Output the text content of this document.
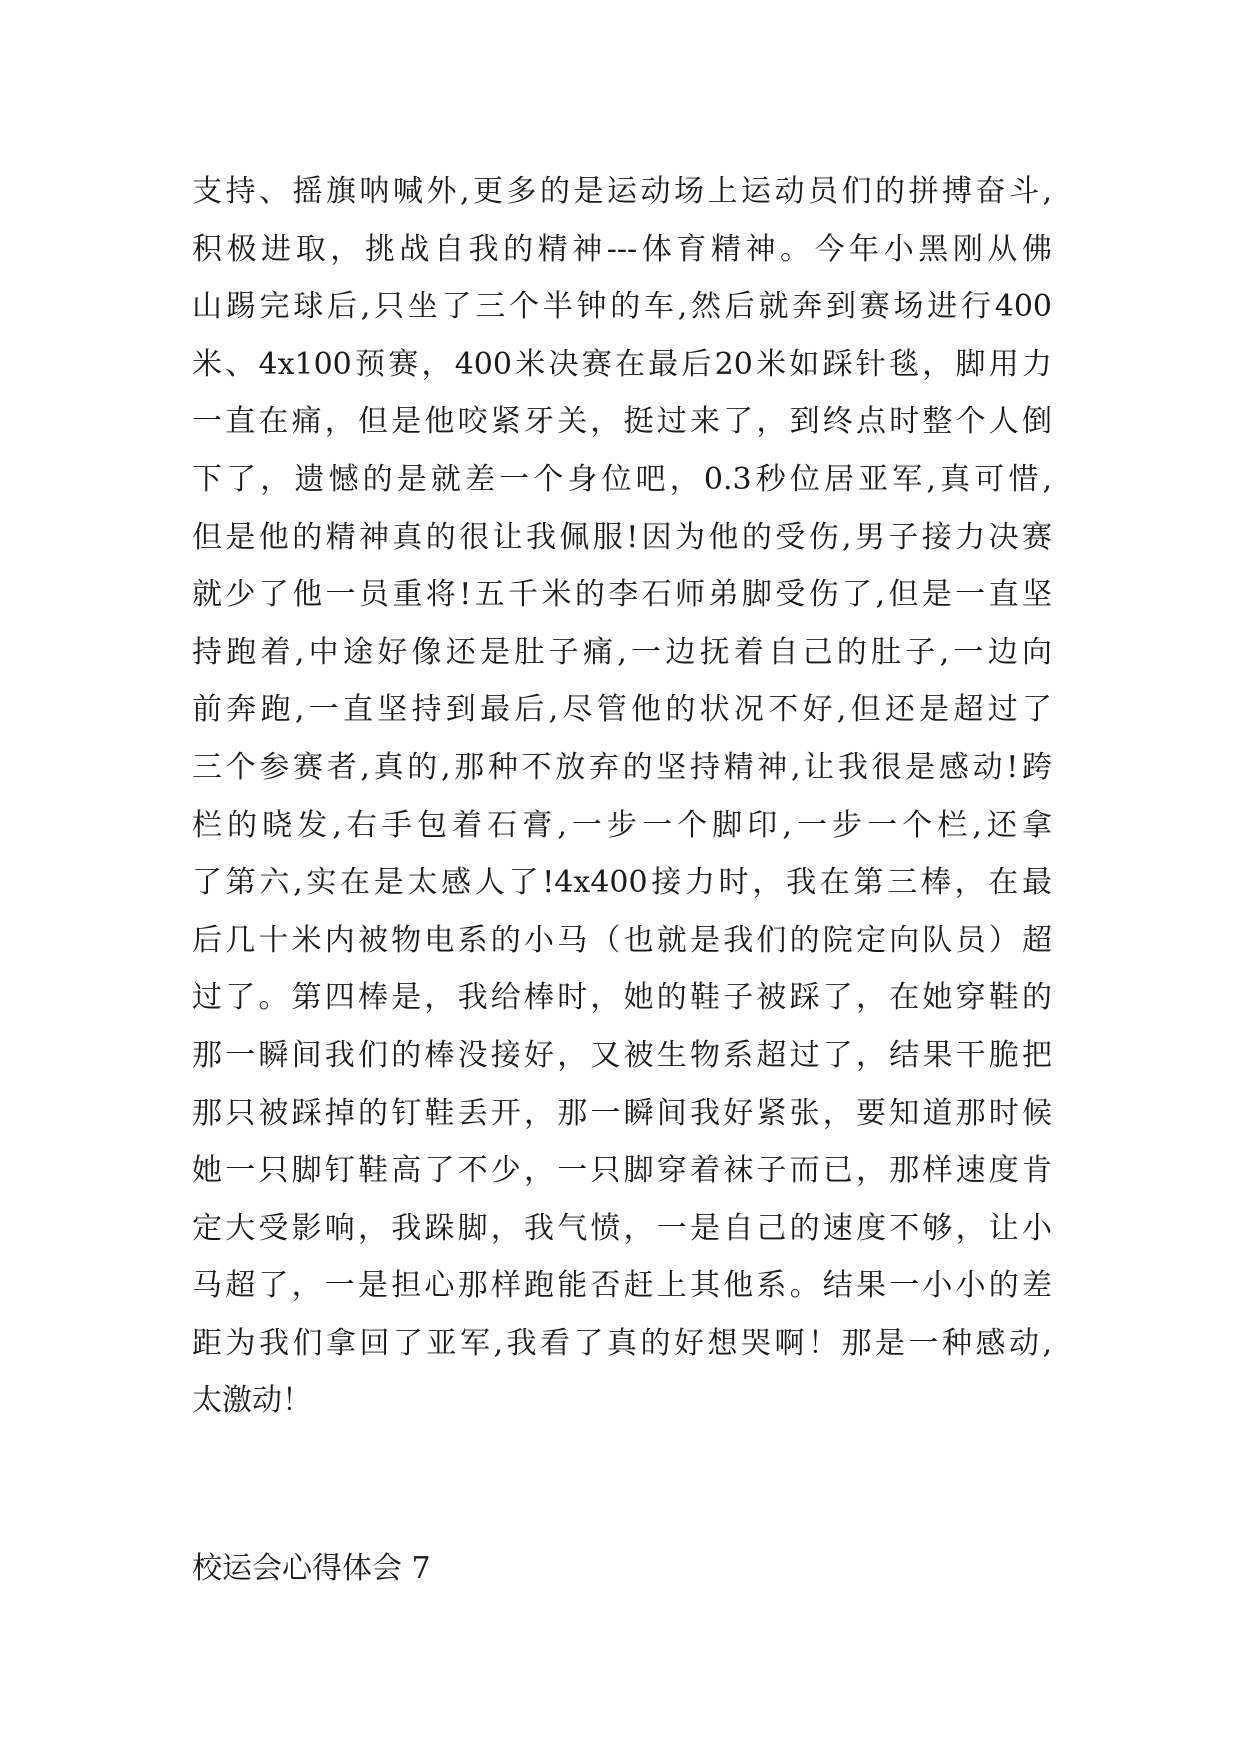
支持、摇旗呐喊外,更多的是运动场上运动员们的拼搏奋斗,
积极进取，挑战自我的精神---体育精神。今年小黑刚从佛
山踢完球后,只坐了三个半钟的车,然后就奔到赛场进行400
米、4x100预赛，400米决赛在最后20米如踩针毯，脚用力
一直在痛，但是他咬紧牙关，挺过来了，到终点时整个人倒
下了，遗憾的是就差一个身位吧，0.3秒位居亚军,真可惜,
但是他的精神真的很让我佩服!因为他的受伤,男子接力决赛
就少了他一员重将!五千米的李石师弟脚受伤了,但是一直坚
持跑着,中途好像还是肚子痛,一边抚着自己的肚子,一边向
前奔跑,一直坚持到最后,尽管他的状况不好,但还是超过了
三个参赛者,真的,那种不放弃的坚持精神,让我很是感动!跨
栏的晓发,右手包着石膏,一步一个脚印,一步一个栏,还拿
了第六,实在是太感人了!4x400接力时，我在第三棒，在最
后几十米内被物电系的小马（也就是我们的院定向队员）超
过了。第四棒是，我给棒时，她的鞋子被踩了，在她穿鞋的
那一瞬间我们的棒没接好，又被生物系超过了，结果干脆把
那只被踩掉的钉鞋丢开，那一瞬间我好紧张，要知道那时候
她一只脚钉鞋高了不少，一只脚穿着袜子而已，那样速度肯
定大受影响，我跺脚，我气愤，一是自己的速度不够，让小
马超了，一是担心那样跑能否赶上其他系。结果一小小的差
距为我们拿回了亚军,我看了真的好想哭啊！那是一种感动,
太激动！
校运会心得体会 7
